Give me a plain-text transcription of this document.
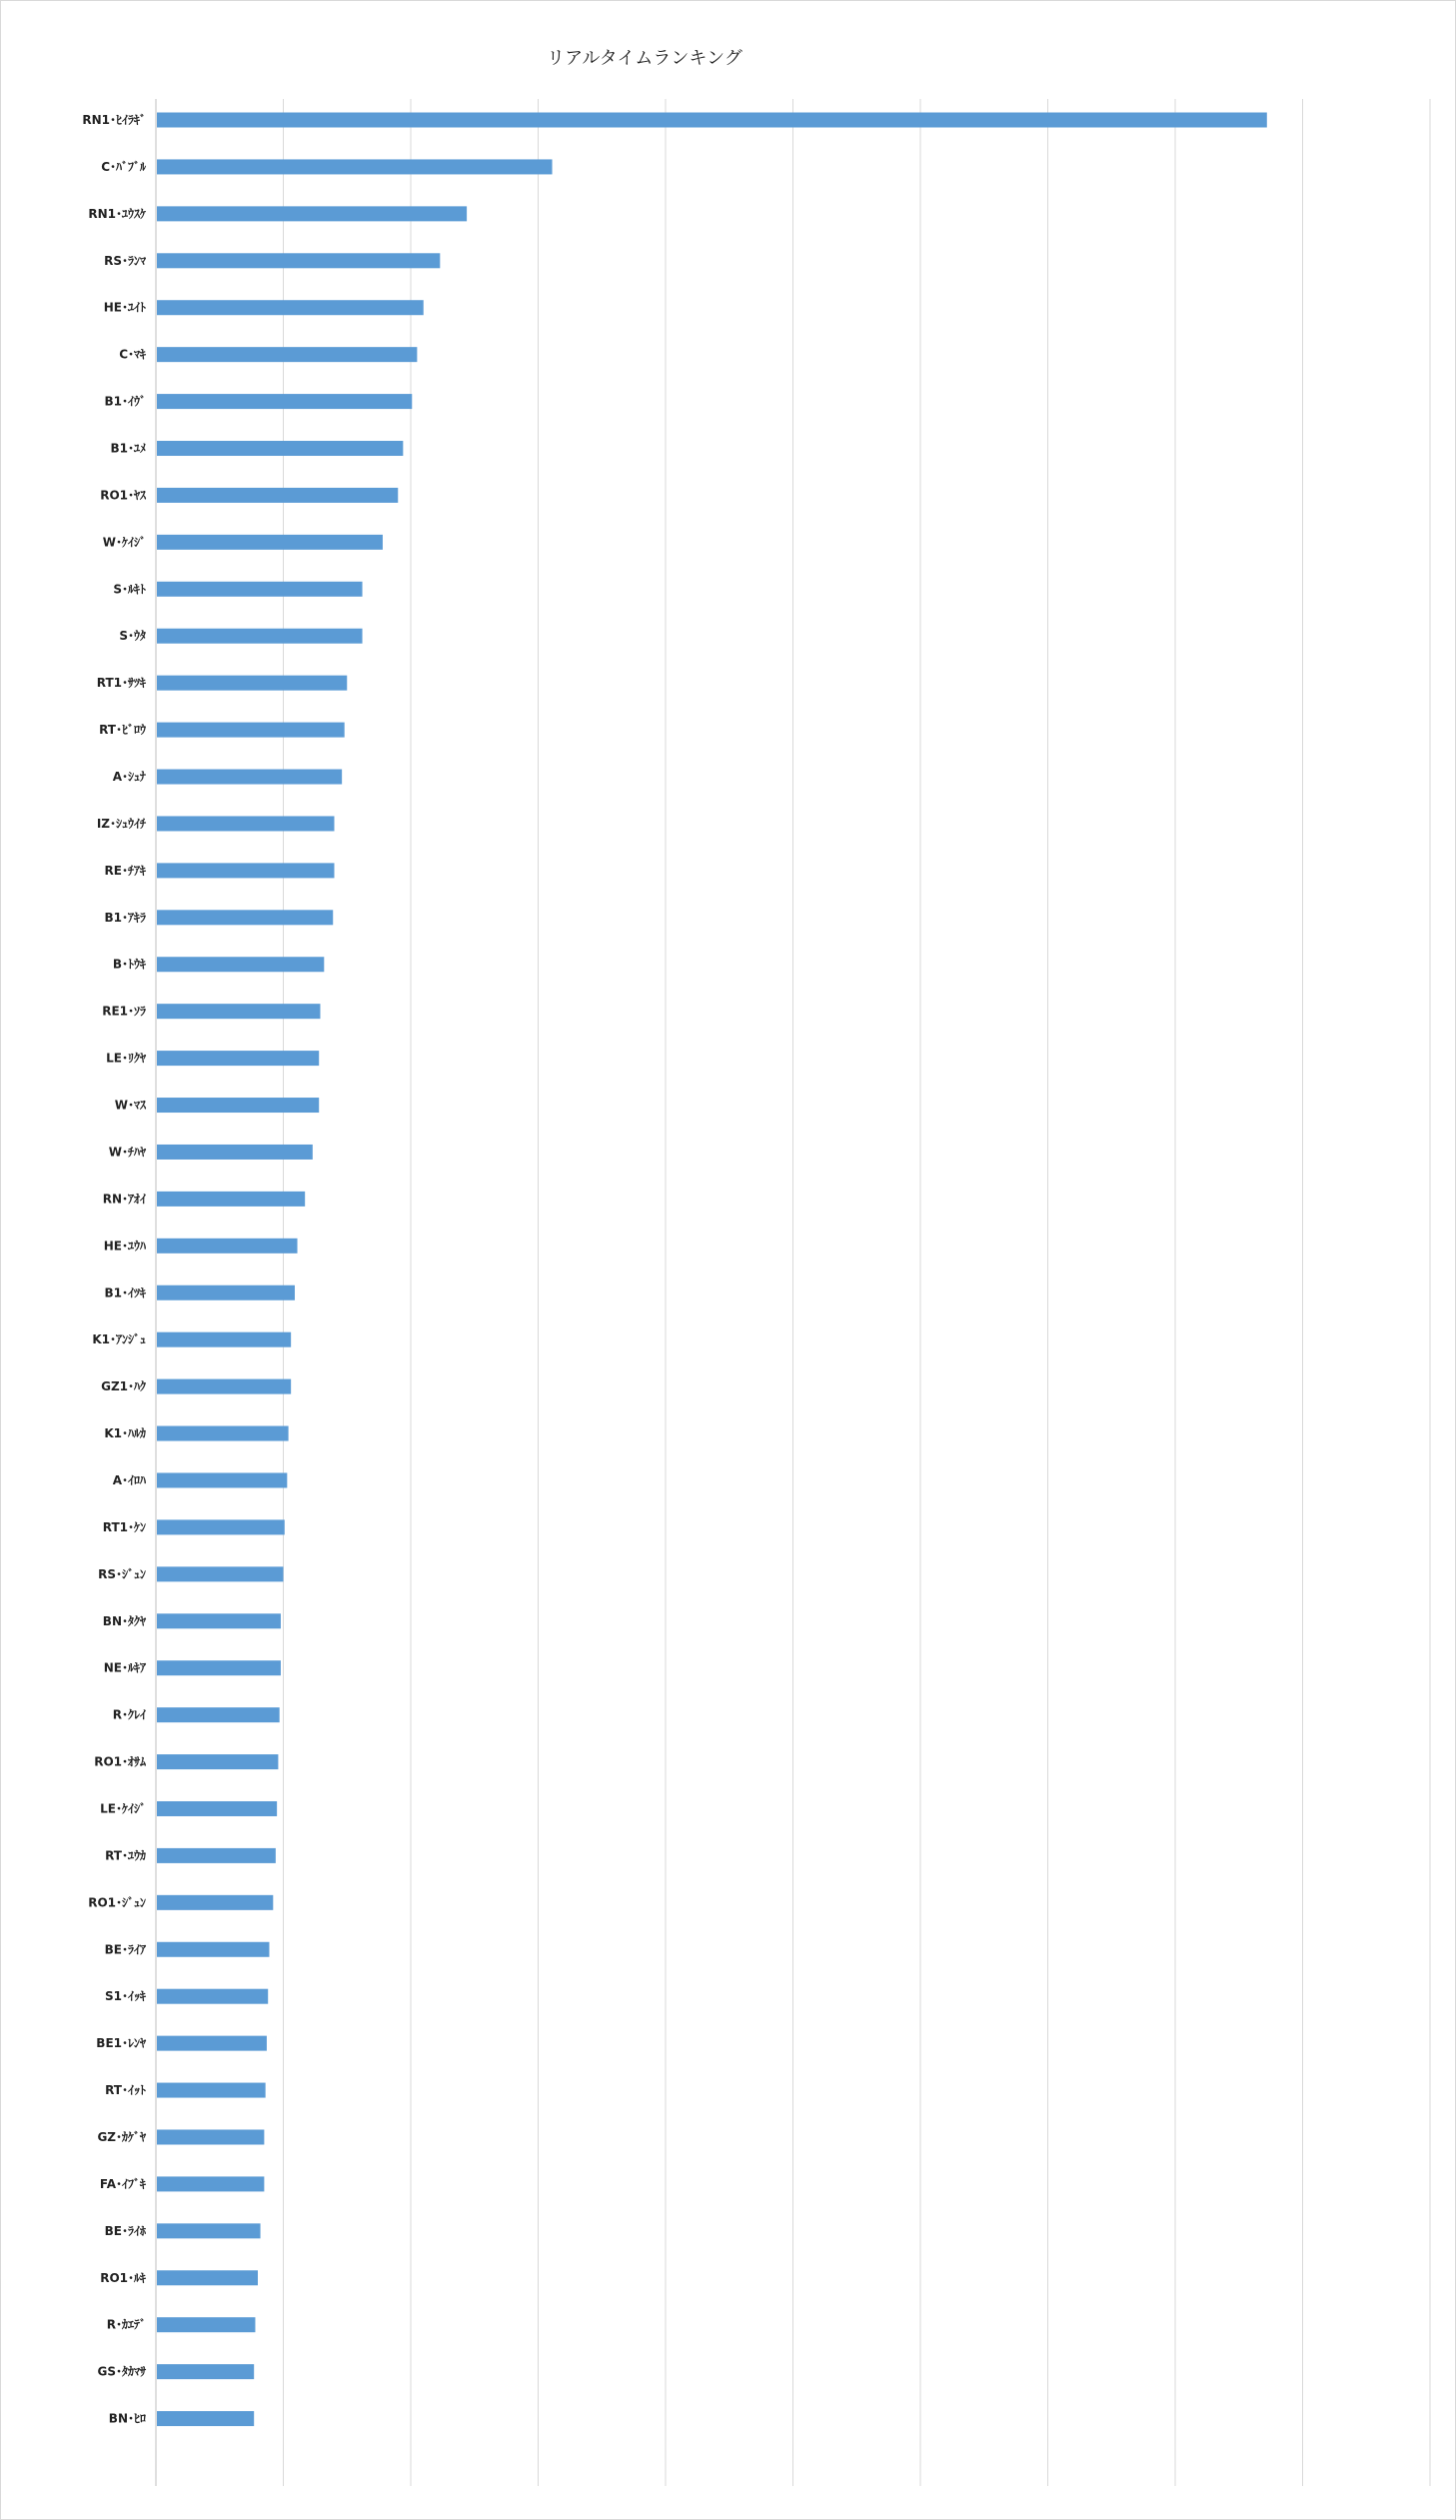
リアルタイムランキング
RN1･ﾋｲﾗｷﾞ
C･ﾊﾞﾌﾞﾙ
RN1･ﾕｳｽｹ
RS･ﾗﾝﾏ
HE･ﾕｲﾄ
C･ﾏｷ
B1･ｲｳﾞ
B1･ﾕﾒ
RO1･ﾔｽ
W･ｹｲｼﾞ
S･ﾙｷﾄ
S･ｳﾀ
RT1･ｻﾂｷ
RT･ﾋﾞﾛｳ
A･ｼｭﾅ
IZ･ｼｭｳｲﾁ
RE･ﾁｱｷ
B1･ｱｷﾗ
B･ﾄｳｷ
RE1･ｿﾗ
LE･ﾘｸﾔ
W･ﾏｽ
W･ﾁﾊﾔ
RN･ｱｵｲ
HE･ﾕｳﾊ
B1･ｲﾂｷ
K1･ｱﾝｼﾞｭ
GZ1･ﾊｸ
K1･ﾊﾙｶ
A･ｲﾛﾊ
RT1･ｹﾝ
RS･ｼﾞｭﾝ
BN･ﾀｸﾔ
NE･ﾙｷｱ
R･ｸﾚｲ
RO1･ｵｻﾑ
LE･ｹｲｼﾞ
RT･ﾕｳｶ
RO1･ｼﾞｭﾝ
BE･ﾗｲｱ
S1･ｲｯｷ
BE1･ﾚﾝﾔ
RT･ｲｯﾄ
GZ･ｶｹﾞﾔ
FA･ｲﾌﾞｷ
BE･ﾗｲﾎ
RO1･ﾙｷ
R･ｶｴﾃﾞ
GS･ﾀｶﾏｻ
BN･ﾋﾛ
